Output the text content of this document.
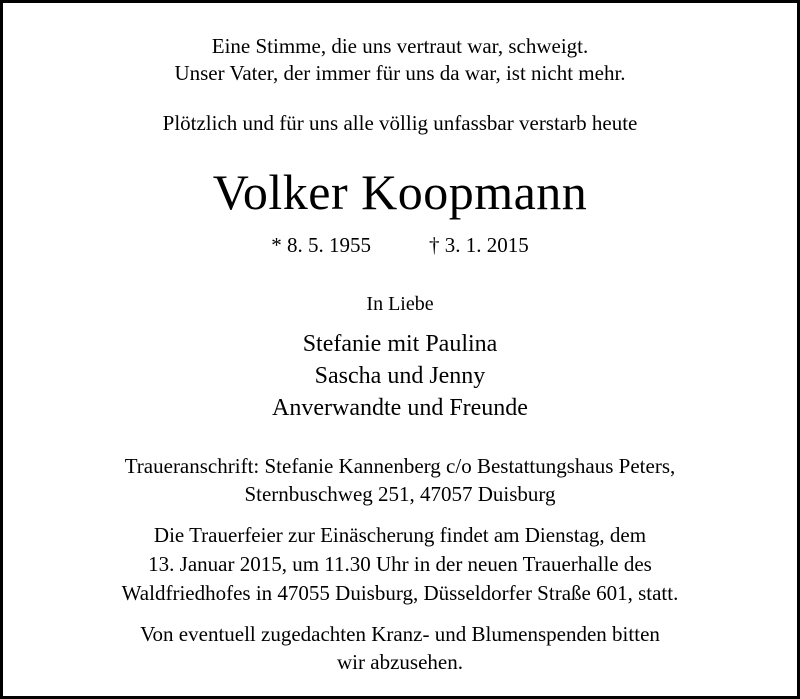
Eine Stimme, die uns vertraut war, schweigt.
Unser Vater, der immer für uns da war, ist nicht mehr.
Plötzlich und für uns alle völlig unfassbar verstarb heute
Volker Koopmann
* 8. 5. 1955	† 3. 1. 2015
In Liebe
Stefanie mit Paulina
Sascha und Jenny
Anverwandte und Freunde
Traueranschrift: Stefanie Kannenberg c/o Bestattungshaus Peters,
Sternbuschweg 251, 47057 Duisburg
Die Trauerfeier zur Einäscherung findet am Dienstag, dem
13. Januar 2015, um 11.30 Uhr in der neuen Trauerhalle des
Waldfriedhofes in 47055 Duisburg, Düsseldorfer Straße 601, statt.
Von eventuell zugedachten Kranz- und Blumenspenden bitten
wir abzusehen.
